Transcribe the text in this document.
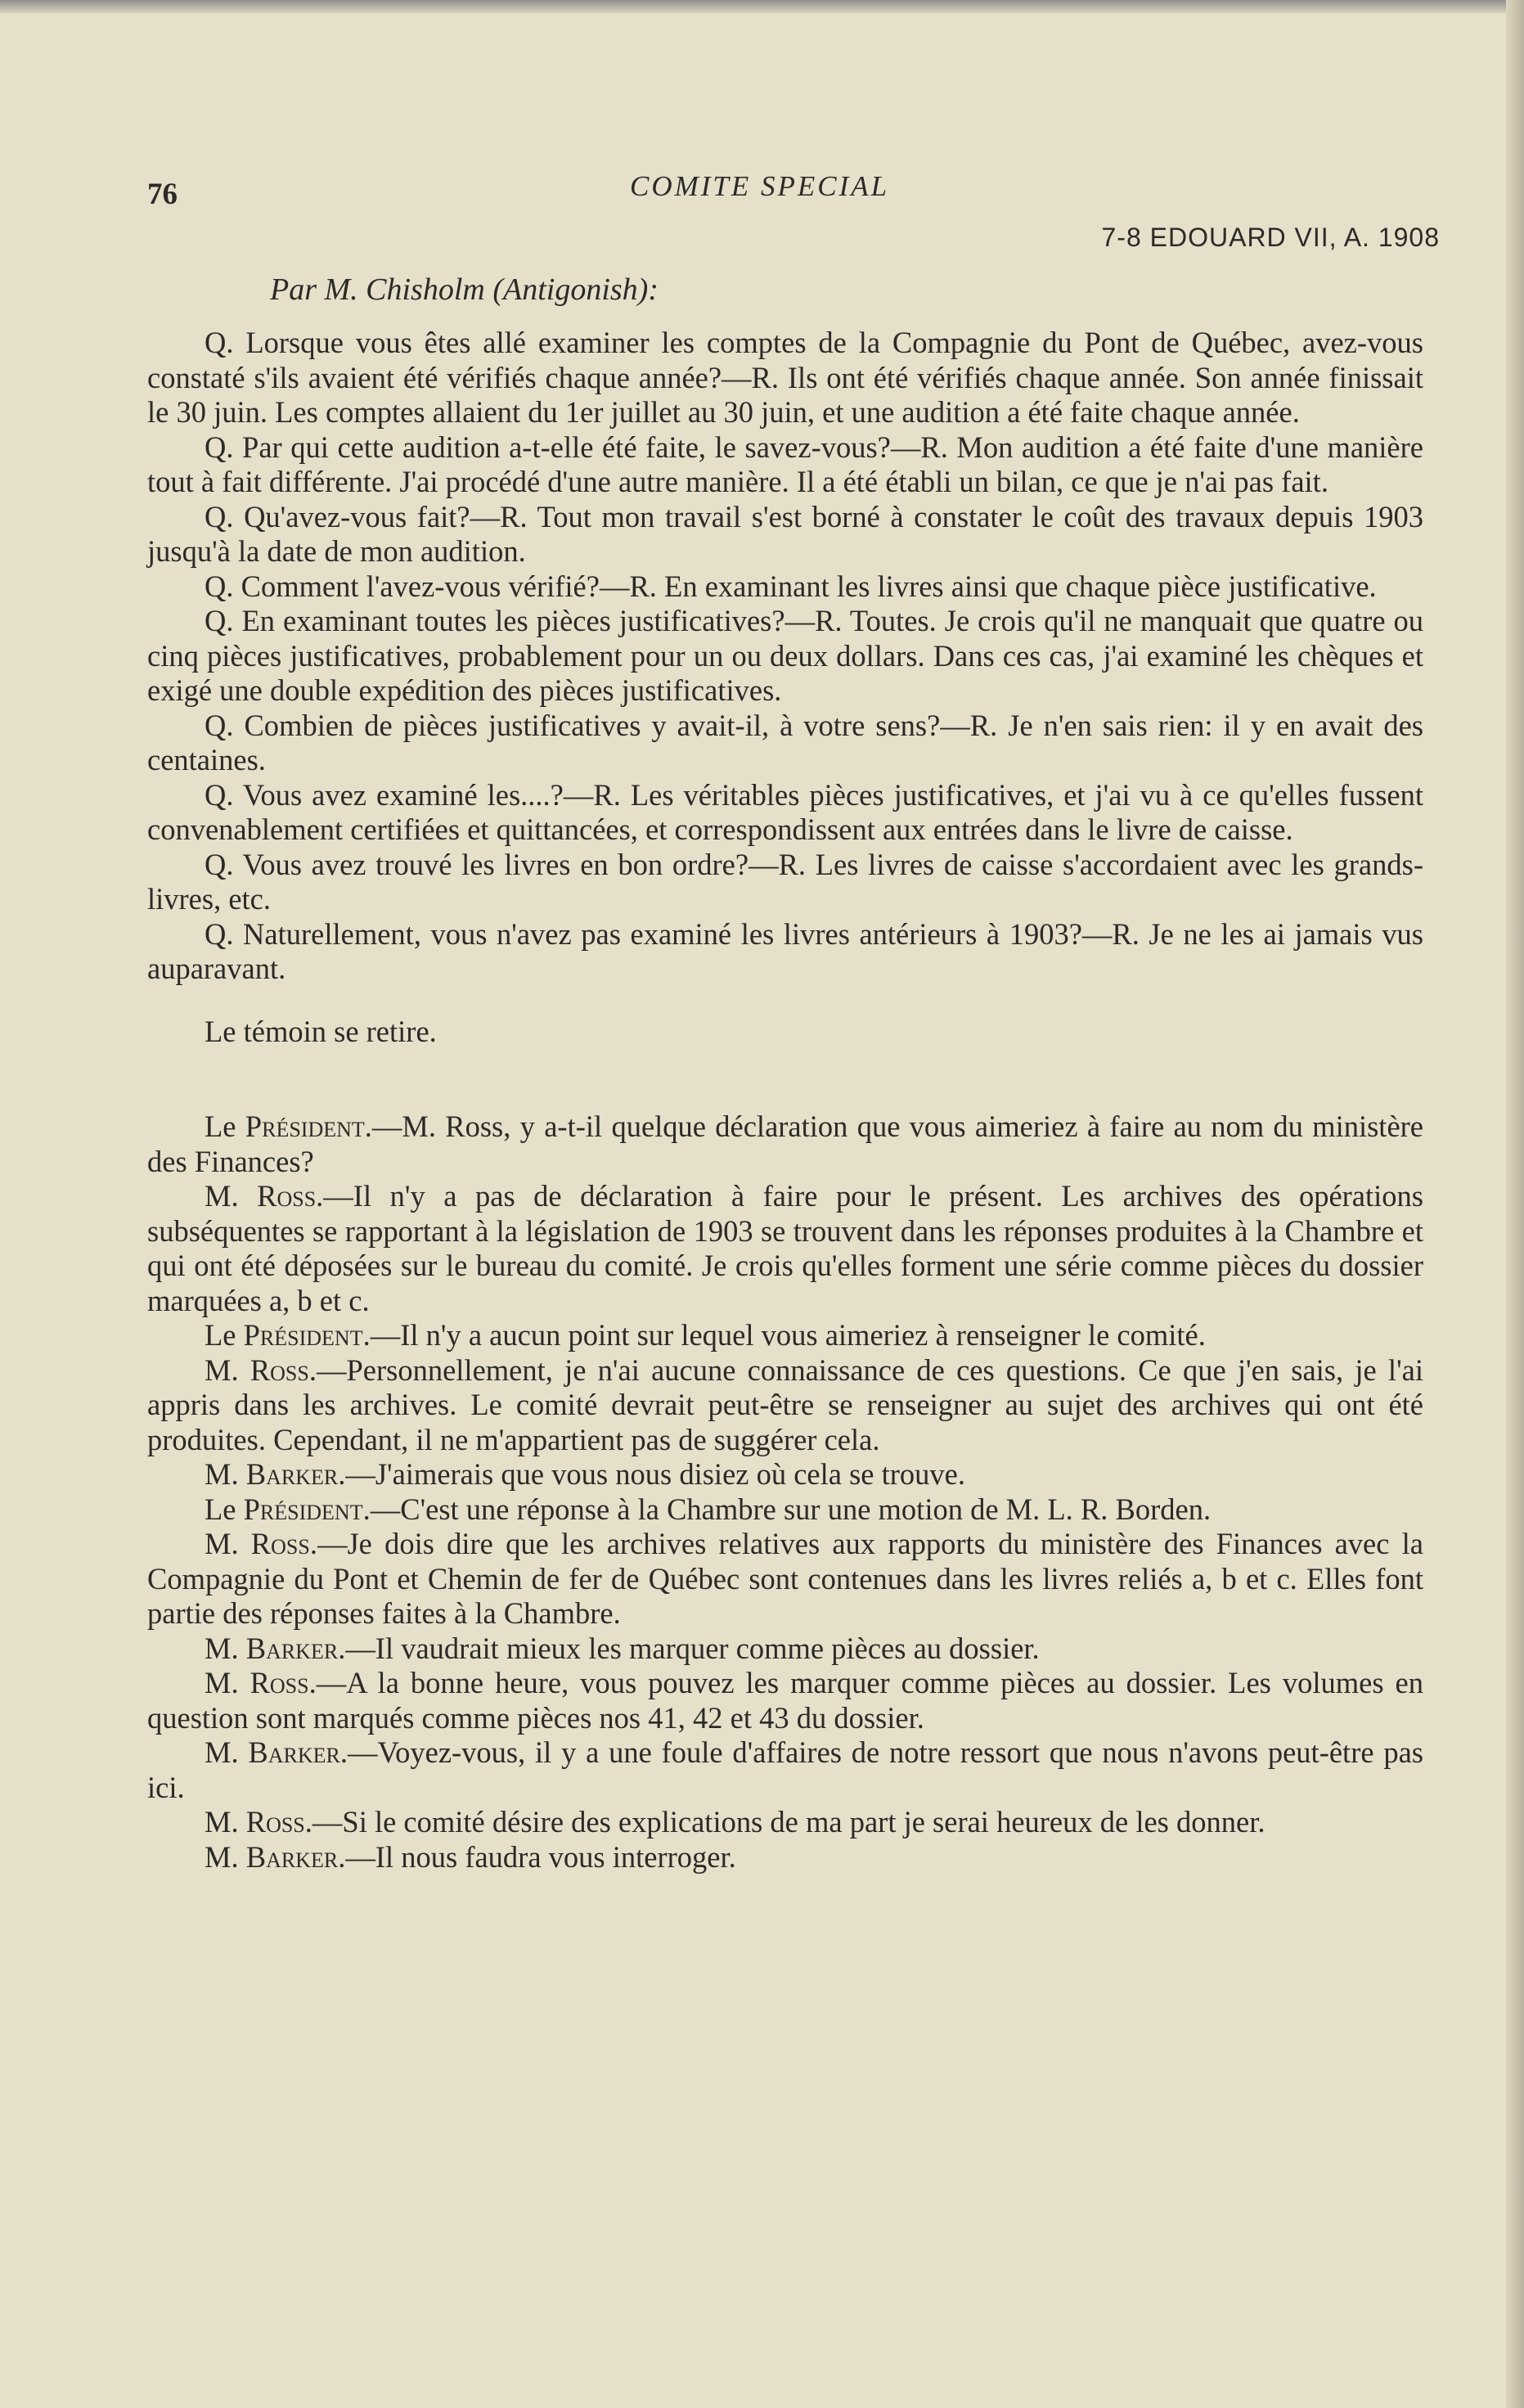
76	COMITE SPECIAL
7-8 EDOUARD VII, A. 1908
Par M. Chisholm (Antigonish):

Q. Lorsque vous êtes allé examiner les comptes de la Compagnie du Pont de Québec, avez-vous constaté s'ils avaient été vérifiés chaque année?—R. Ils ont été vérifiés chaque année. Son année finissait le 30 juin. Les comptes allaient du 1er juillet au 30 juin, et une audition a été faite chaque année.

Q. Par qui cette audition a-t-elle été faite, le savez-vous?—R. Mon audition a été faite d'une manière tout à fait différente. J'ai procédé d'une autre manière. Il a été établi un bilan, ce que je n'ai pas fait.

Q. Qu'avez-vous fait?—R. Tout mon travail s'est borné à constater le coût des travaux depuis 1903 jusqu'à la date de mon audition.

Q. Comment l'avez-vous vérifié?—R. En examinant les livres ainsi que chaque pièce justificative.

Q. En examinant toutes les pièces justificatives?—R. Toutes. Je crois qu'il ne manquait que quatre ou cinq pièces justificatives, probablement pour un ou deux dollars. Dans ces cas, j'ai examiné les chèques et exigé une double expédition des pièces justificatives.

Q. Combien de pièces justificatives y avait-il, à votre sens?—R. Je n'en sais rien: il y en avait des centaines.

Q. Vous avez examiné les....?—R. Les véritables pièces justificatives, et j'ai vu à ce qu'elles fussent convenablement certifiées et quittancées, et correspondissent aux entrées dans le livre de caisse.

Q. Vous avez trouvé les livres en bon ordre?—R. Les livres de caisse s'accordaient avec les grands-livres, etc.

Q. Naturellement, vous n'avez pas examiné les livres antérieurs à 1903?—R. Je ne les ai jamais vus auparavant.

Le témoin se retire.

Le Président.—M. Ross, y a-t-il quelque déclaration que vous aimeriez à faire au nom du ministère des Finances?

M. Ross.—Il n'y a pas de déclaration à faire pour le présent. Les archives des opérations subséquentes se rapportant à la législation de 1903 se trouvent dans les réponses produites à la Chambre et qui ont été déposées sur le bureau du comité. Je crois qu'elles forment une série comme pièces du dossier marquées a, b et c.

Le Président.—Il n'y a aucun point sur lequel vous aimeriez à renseigner le comité.

M. Ross.—Personnellement, je n'ai aucune connaissance de ces questions. Ce que j'en sais, je l'ai appris dans les archives. Le comité devrait peut-être se renseigner au sujet des archives qui ont été produites. Cependant, il ne m'appartient pas de suggérer cela.

M. Barker.—J'aimerais que vous nous disiez où cela se trouve.

Le Président.—C'est une réponse à la Chambre sur une motion de M. L. R. Borden.

M. Ross.—Je dois dire que les archives relatives aux rapports du ministère des Finances avec la Compagnie du Pont et Chemin de fer de Québec sont contenues dans les livres reliés a, b et c. Elles font partie des réponses faites à la Chambre.

M. Barker.—Il vaudrait mieux les marquer comme pièces au dossier.

M. Ross.—A la bonne heure, vous pouvez les marquer comme pièces au dossier. Les volumes en question sont marqués comme pièces nos 41, 42 et 43 du dossier.

M. Barker.—Voyez-vous, il y a une foule d'affaires de notre ressort que nous n'avons peut-être pas ici.

M. Ross.—Si le comité désire des explications de ma part je serai heureux de les donner.

M. Barker.—Il nous faudra vous interroger.
